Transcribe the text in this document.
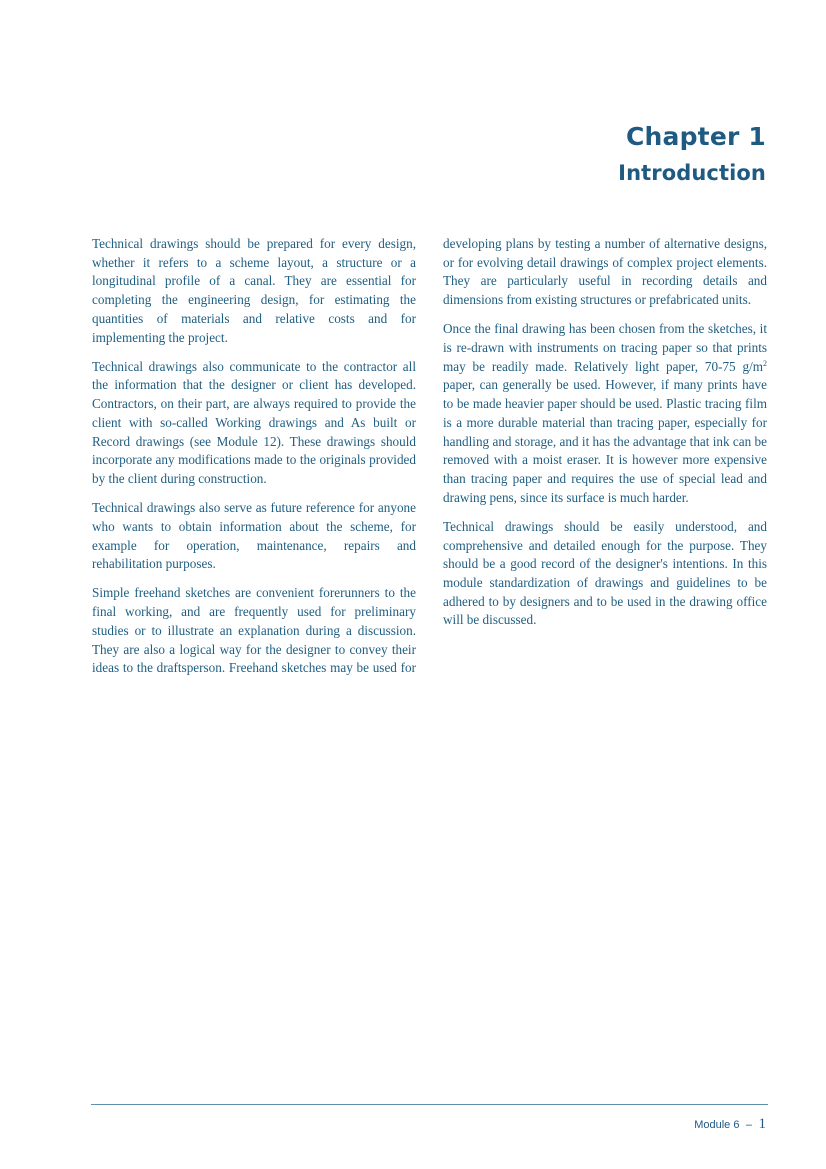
Chapter 1
Introduction

Technical drawings should be prepared for every design, whether it refers to a scheme layout, a structure or a longitudinal profile of a canal. They are essential for completing the engineering design, for estimating the quantities of materials and relative costs and for implementing the project.

Technical drawings also communicate to the contractor all the information that the designer or client has developed. Contractors, on their part, are always required to provide the client with so-called Working drawings and As built or Record drawings (see Module 12). These drawings should incorporate any modifications made to the originals provided by the client during construction.

Technical drawings also serve as future reference for anyone who wants to obtain information about the scheme, for example for operation, maintenance, repairs and rehabilitation purposes.

Simple freehand sketches are convenient forerunners to the final working, and are frequently used for preliminary studies or to illustrate an explanation during a discussion. They are also a logical way for the designer to convey their ideas to the draftsperson. Freehand sketches may be used for

developing plans by testing a number of alternative designs, or for evolving detail drawings of complex project elements. They are particularly useful in recording details and dimensions from existing structures or prefabricated units.

Once the final drawing has been chosen from the sketches, it is re-drawn with instruments on tracing paper so that prints may be readily made. Relatively light paper, 70-75 $g/m^2$ paper, can generally be used. However, if many prints have to be made heavier paper should be used. Plastic tracing film is a more durable material than tracing paper, especially for handling and storage, and it has the advantage that ink can be removed with a moist eraser. It is however more expensive than tracing paper and requires the use of special lead and drawing pens, since its surface is much harder.

Technical drawings should be easily understood, and comprehensive and detailed enough for the purpose. They should be a good record of the designer's intentions. In this module standardization of drawings and guidelines to be adhered to by designers and to be used in the drawing office will be discussed.

Module 6 – 1
